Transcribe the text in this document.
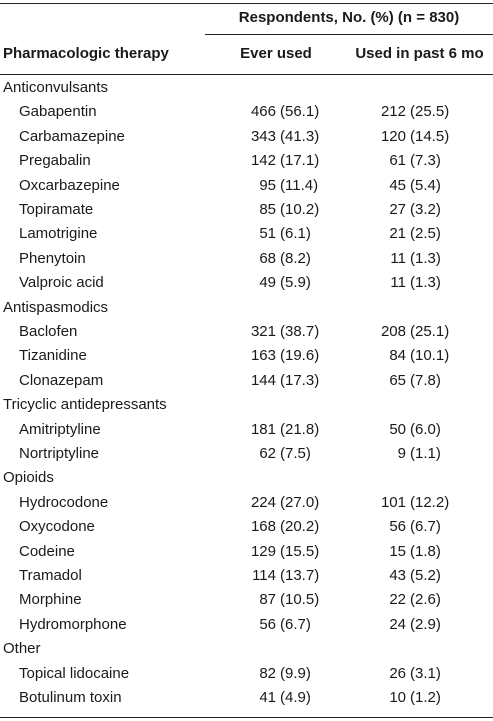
Respondents, No. (%) (n = 830)
Pharmacologic therapy	Ever used	Used in past 6 mo
Anticonvulsants
Gabapentin	466 (56.1)	212 (25.5)
Carbamazepine	343 (41.3)	120 (14.5)
Pregabalin	142 (17.1)	61 (7.3)
Oxcarbazepine	95 (11.4)	45 (5.4)
Topiramate	85 (10.2)	27 (3.2)
Lamotrigine	51 (6.1)	21 (2.5)
Phenytoin	68 (8.2)	11 (1.3)
Valproic acid	49 (5.9)	11 (1.3)
Antispasmodics
Baclofen	321 (38.7)	208 (25.1)
Tizanidine	163 (19.6)	84 (10.1)
Clonazepam	144 (17.3)	65 (7.8)
Tricyclic antidepressants
Amitriptyline	181 (21.8)	50 (6.0)
Nortriptyline	62 (7.5)	9 (1.1)
Opioids
Hydrocodone	224 (27.0)	101 (12.2)
Oxycodone	168 (20.2)	56 (6.7)
Codeine	129 (15.5)	15 (1.8)
Tramadol	114 (13.7)	43 (5.2)
Morphine	87 (10.5)	22 (2.6)
Hydromorphone	56 (6.7)	24 (2.9)
Other
Topical lidocaine	82 (9.9)	26 (3.1)
Botulinum toxin	41 (4.9)	10 (1.2)
